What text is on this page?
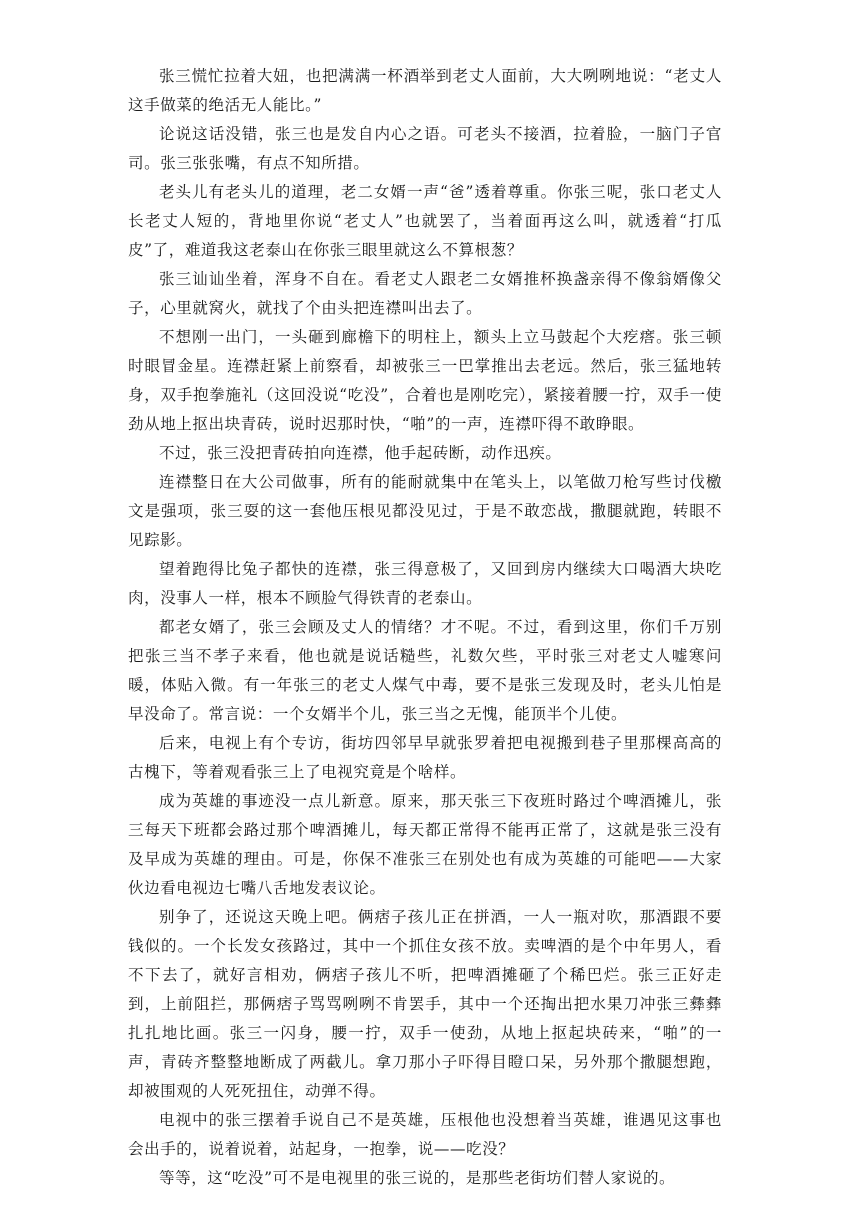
张三慌忙拉着大妞，也把满满一杯酒举到老丈人面前，大大咧咧地说：“老丈人这手做菜的绝活无人能比。”

论说这话没错，张三也是发自内心之语。可老头不接酒，拉着脸，一脑门子官司。张三张张嘴，有点不知所措。

老头儿有老头儿的道理，老二女婿一声“爸”透着尊重。你张三呢，张口老丈人长老丈人短的，背地里你说“老丈人”也就罢了，当着面再这么叫，就透着“打瓜皮”了，难道我这老泰山在你张三眼里就这么不算根葱？

张三讪讪坐着，浑身不自在。看老丈人跟老二女婿推杯换盏亲得不像翁婿像父子，心里就窝火，就找了个由头把连襟叫出去了。

不想刚一出门，一头砸到廊檐下的明柱上，额头上立马鼓起个大疙瘩。张三顿时眼冒金星。连襟赶紧上前察看，却被张三一巴掌推出去老远。然后，张三猛地转身，双手抱拳施礼（这回没说“吃没”，合着也是刚吃完），紧接着腰一拧，双手一使劲从地上抠出块青砖，说时迟那时快，“啪”的一声，连襟吓得不敢睁眼。

不过，张三没把青砖拍向连襟，他手起砖断，动作迅疾。

连襟整日在大公司做事，所有的能耐就集中在笔头上，以笔做刀枪写些讨伐檄文是强项，张三耍的这一套他压根见都没见过，于是不敢恋战，撒腿就跑，转眼不见踪影。

望着跑得比兔子都快的连襟，张三得意极了，又回到房内继续大口喝酒大块吃肉，没事人一样，根本不顾脸气得铁青的老泰山。

都老女婿了，张三会顾及丈人的情绪？才不呢。不过，看到这里，你们千万别把张三当不孝子来看，他也就是说话糙些，礼数欠些，平时张三对老丈人嘘寒问暖，体贴入微。有一年张三的老丈人煤气中毒，要不是张三发现及时，老头儿怕是早没命了。常言说：一个女婿半个儿，张三当之无愧，能顶半个儿使。

后来，电视上有个专访，街坊四邻早早就张罗着把电视搬到巷子里那棵高高的古槐下，等着观看张三上了电视究竟是个啥样。

成为英雄的事迹没一点儿新意。原来，那天张三下夜班时路过个啤酒摊儿，张三每天下班都会路过那个啤酒摊儿，每天都正常得不能再正常了，这就是张三没有及早成为英雄的理由。可是，你保不准张三在别处也有成为英雄的可能吧——大家伙边看电视边七嘴八舌地发表议论。

别争了，还说这天晚上吧。俩痞子孩儿正在拼酒，一人一瓶对吹，那酒跟不要钱似的。一个长发女孩路过，其中一个抓住女孩不放。卖啤酒的是个中年男人，看不下去了，就好言相劝，俩痞子孩儿不听，把啤酒摊砸了个稀巴烂。张三正好走到，上前阻拦，那俩痞子骂骂咧咧不肯罢手，其中一个还掏出把水果刀冲张三彝彝扎扎地比画。张三一闪身，腰一拧，双手一使劲，从地上抠起块砖来，“啪”的一声，青砖齐整整地断成了两截儿。拿刀那小子吓得目瞪口呆，另外那个撒腿想跑，却被围观的人死死扭住，动弹不得。

电视中的张三摆着手说自己不是英雄，压根他也没想着当英雄，谁遇见这事也会出手的，说着说着，站起身，一抱拳，说——吃没？

等等，这“吃没”可不是电视里的张三说的，是那些老街坊们替人家说的。
